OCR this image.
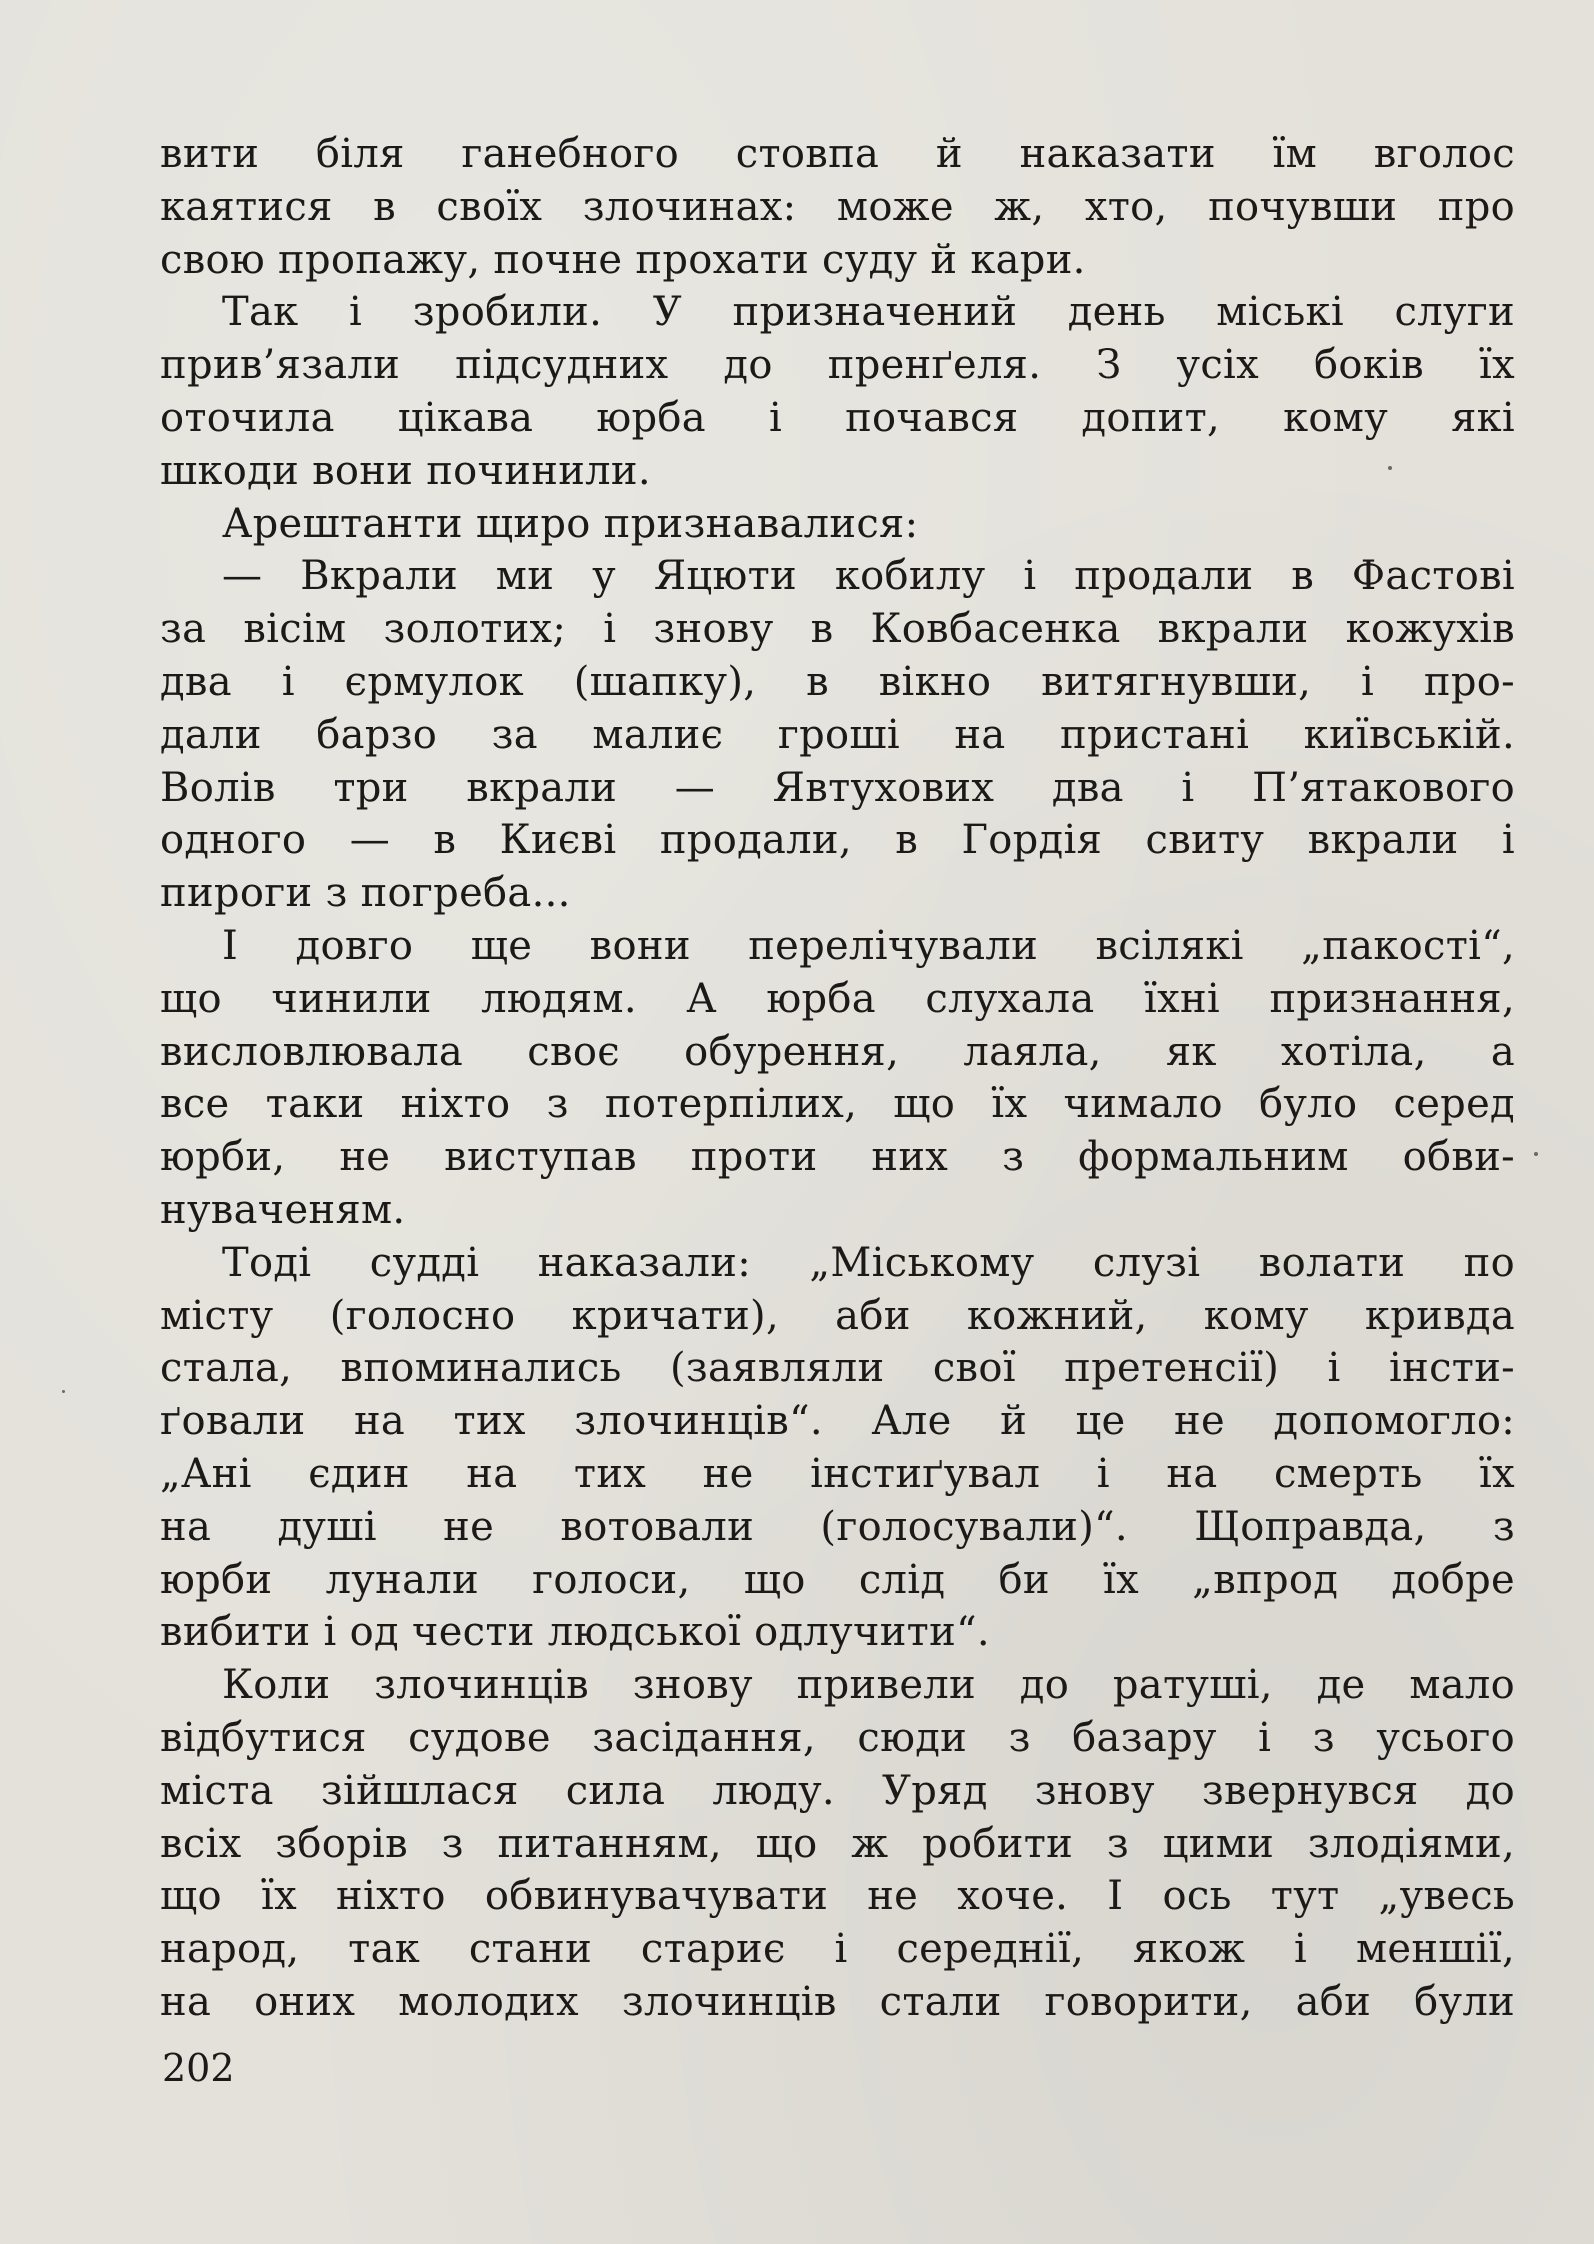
вити біля ганебного стовпа й наказати їм вголос
каятися в своїх злочинах: може ж, хто, почувши про
свою пропажу, почне прохати суду й кари.
Так і зробили. У призначений день міські слуги
прив’язали підсудних до пренґеля. З усіх боків їх
оточила цікава юрба і почався допит, кому які
шкоди вони починили.
Арештанти щиро признавалися:
— Вкрали ми у Яцюти кобилу і продали в Фастові
за вісім золотих; і знову в Ковбасенка вкрали кожухів
два і єрмулок (шапку), в вікно витягнувши, і про-
дали барзо за малиє гроші на пристані київській.
Волів три вкрали — Явтухових два і П’ятакового
одного — в Києві продали, в Гордія свиту вкрали і
пироги з погреба...
І довго ще вони перелічували всілякі „пакості“,
що чинили людям. А юрба слухала їхні признання,
висловлювала своє обурення, лаяла, як хотіла, а
все таки ніхто з потерпілих, що їх чимало було серед
юрби, не виступав проти них з формальним обви-
нуваченям.
Тоді судді наказали: „Міському слузі волати по
місту (голосно кричати), аби кожний, кому кривда
стала, впоминались (заявляли свої претенсії) і інсти-
ґовали на тих злочинців“. Але й це не допомогло:
„Ані єдин на тих не інстиґувал і на смерть їх
на душі не вотовали (голосували)“. Щоправда, з
юрби лунали голоси, що слід би їх „впрод добре
вибити і од чести людської одлучити“.
Коли злочинців знову привели до ратуші, де мало
відбутися судове засідання, сюди з базару і з усього
міста зійшлася сила люду. Уряд знову звернувся до
всіх зборів з питанням, що ж робити з цими злодіями,
що їх ніхто обвинувачувати не хоче. І ось тут „увесь
народ, так стани стариє і середнії, якож і меншії,
на оних молодих злочинців стали говорити, аби були
202
